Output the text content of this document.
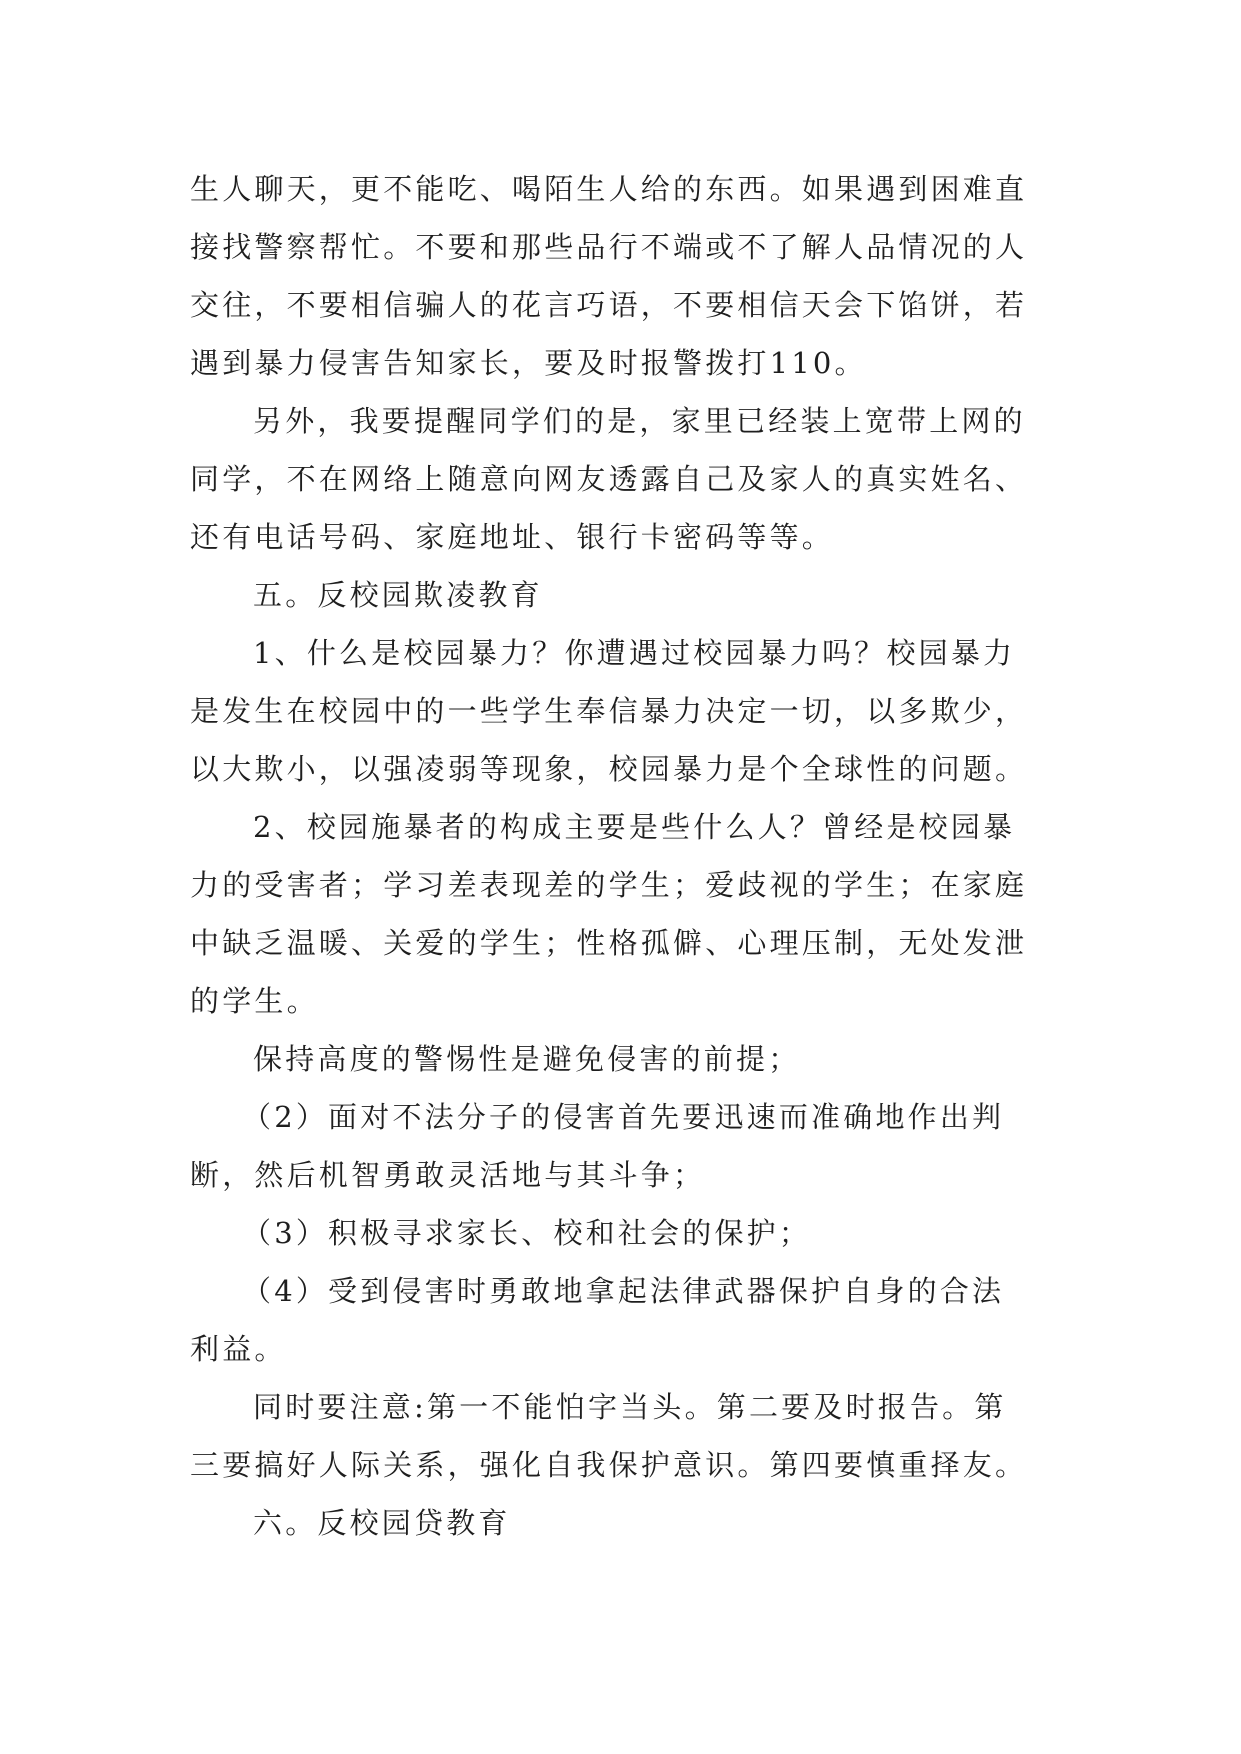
生人聊天，更不能吃、喝陌生人给的东西。如果遇到困难直
接找警察帮忙。不要和那些品行不端或不了解人品情况的人
交往，不要相信骗人的花言巧语，不要相信天会下馅饼，若
遇到暴力侵害告知家长，要及时报警拨打110。
另外，我要提醒同学们的是，家里已经装上宽带上网的
同学，不在网络上随意向网友透露自己及家人的真实姓名、
还有电话号码、家庭地址、银行卡密码等等。
五。反校园欺凌教育
1、什么是校园暴力？你遭遇过校园暴力吗？校园暴力
是发生在校园中的一些学生奉信暴力决定一切，以多欺少，
以大欺小，以强凌弱等现象，校园暴力是个全球性的问题。
2、校园施暴者的构成主要是些什么人？曾经是校园暴
力的受害者；学习差表现差的学生；爱歧视的学生；在家庭
中缺乏温暖、关爱的学生；性格孤僻、心理压制，无处发泄
的学生。
保持高度的警惕性是避免侵害的前提；
（2）面对不法分子的侵害首先要迅速而准确地作出判
断，然后机智勇敢灵活地与其斗争；
（3）积极寻求家长、校和社会的保护；
（4）受到侵害时勇敢地拿起法律武器保护自身的合法
利益。
同时要注意:第一不能怕字当头。第二要及时报告。第
三要搞好人际关系，强化自我保护意识。第四要慎重择友。
六。反校园贷教育
